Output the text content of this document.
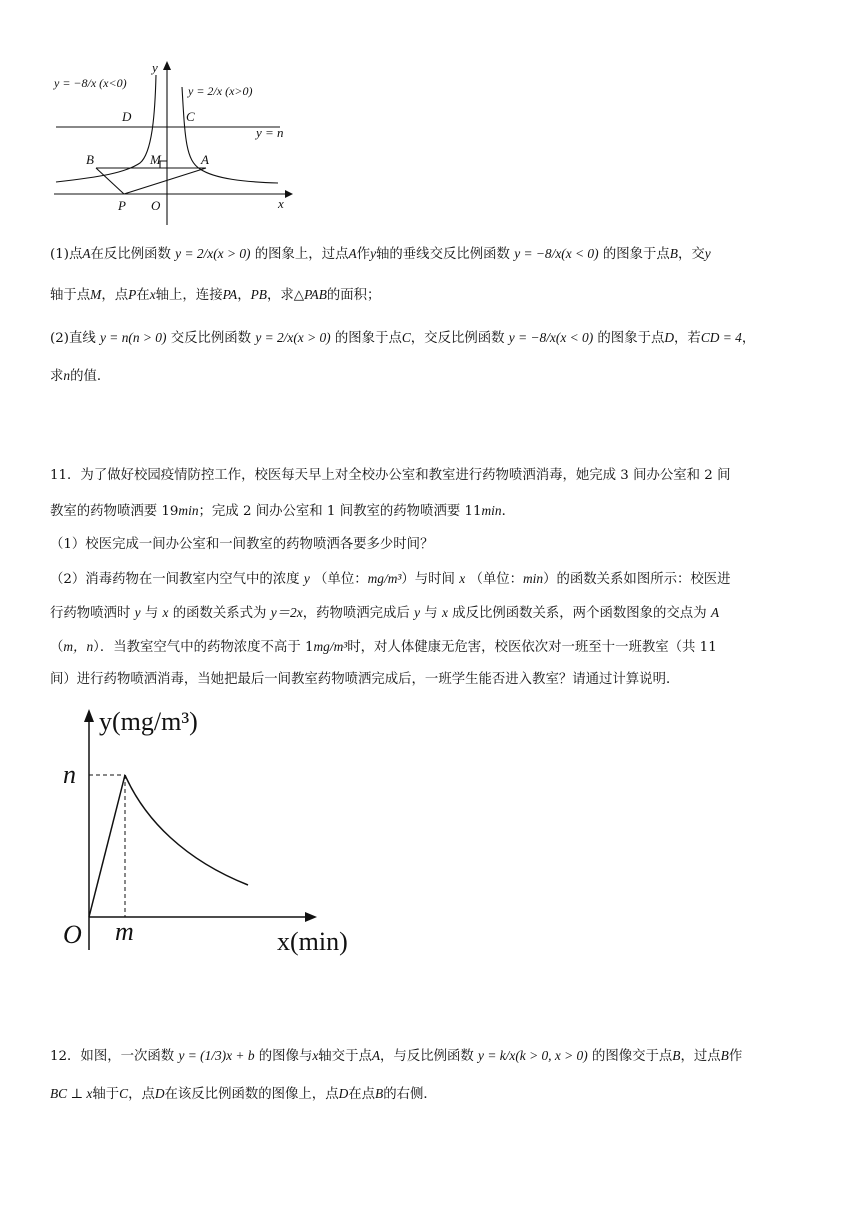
D	C
B	M	A
P O	x
y
y = n
y = −8/x (x<0)
y = 2/x (x>0)
(1)点A在反比例函数 y = 2/x(x > 0) 的图象上，过点A作y轴的垂线交反比例函数 y = −8/x(x < 0) 的图象于点B，交y
轴于点M，点P在x轴上，连接PA，PB，求△PAB的面积；
(2)直线 y = n(n > 0) 交反比例函数 y = 2/x(x > 0) 的图象于点C，交反比例函数 y = −8/x(x < 0) 的图象于点D，若CD = 4，
求n的值．
11．为了做好校园疫情防控工作，校医每天早上对全校办公室和教室进行药物喷洒消毒，她完成 3 间办公室和 2 间
教室的药物喷洒要 19min；完成 2 间办公室和 1 间教室的药物喷洒要 11min．
（1）校医完成一间办公室和一间教室的药物喷洒各要多少时间？
（2）消毒药物在一间教室内空气中的浓度 y （单位：mg/m³）与时间 x （单位：min）的函数关系如图所示：校医进
行药物喷洒时 y 与 x 的函数关系式为 y＝2x，药物喷洒完成后 y 与 x 成反比例函数关系，两个函数图象的交点为 A
（m，n）．当教室空气中的药物浓度不高于 1mg/m³时，对人体健康无危害，校医依次对一班至十一班教室（共 11
间）进行药物喷洒消毒，当她把最后一间教室药物喷洒完成后，一班学生能否进入教室？请通过计算说明．
y(mg/m³)
x(min)
n
m
O
12．如图，一次函数 y = (1/3)x + b 的图像与x轴交于点A，与反比例函数 y = k/x(k > 0, x > 0) 的图像交于点B，过点B作
BC ⊥ x轴于C，点D在该反比例函数的图像上，点D在点B的右侧．
